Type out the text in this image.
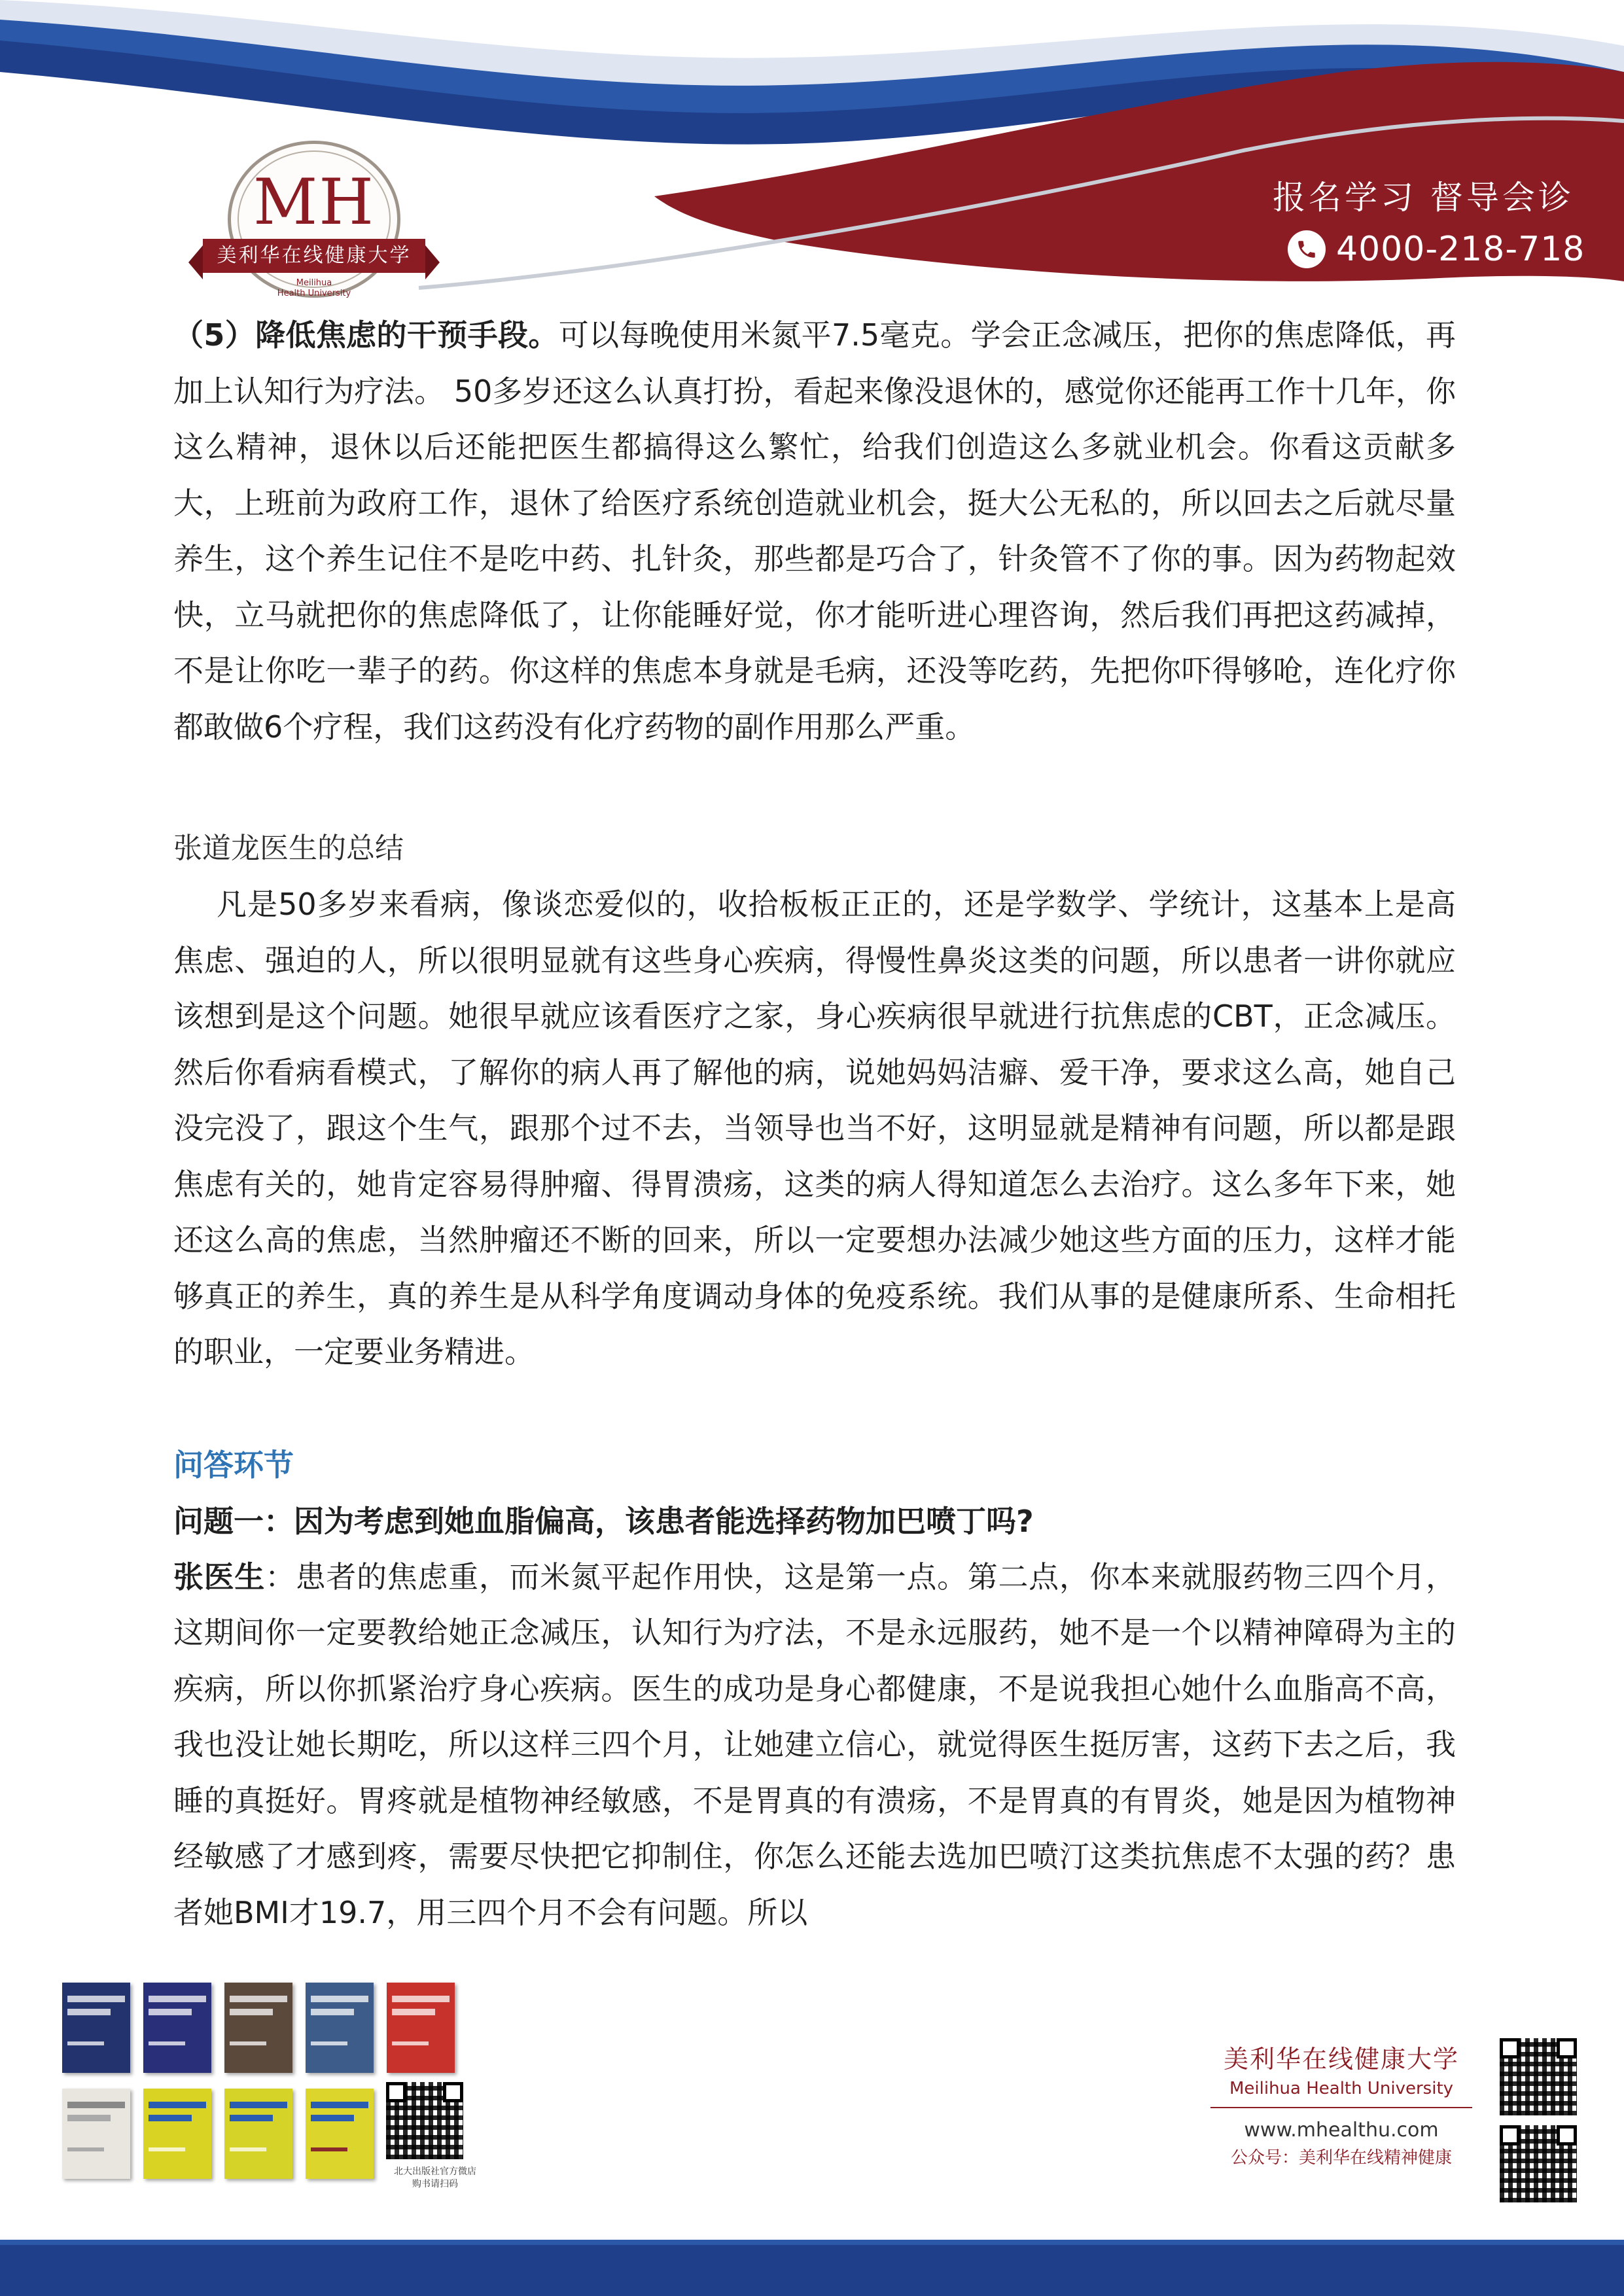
MH
美利华在线健康大学
Meilihua
Health University
报名学习 督导会诊
4000-218-718

（5）降低焦虑的干预手段。可以每晚使用米氮平7.5毫克。学会正念减压，把你的焦虑降低，再加上认知行为疗法。 50多岁还这么认真打扮，看起来像没退休的，感觉你还能再工作十几年，你这么精神，退休以后还能把医生都搞得这么繁忙，给我们创造这么多就业机会。你看这贡献多大，上班前为政府工作，退休了给医疗系统创造就业机会，挺大公无私的，所以回去之后就尽量养生，这个养生记住不是吃中药、扎针灸，那些都是巧合了，针灸管不了你的事。因为药物起效快，立马就把你的焦虑降低了，让你能睡好觉，你才能听进心理咨询，然后我们再把这药减掉，不是让你吃一辈子的药。你这样的焦虑本身就是毛病，还没等吃药，先把你吓得够呛，连化疗你都敢做6个疗程，我们这药没有化疗药物的副作用那么严重。

张道龙医生的总结

凡是50多岁来看病，像谈恋爱似的，收拾板板正正的，还是学数学、学统计，这基本上是高焦虑、强迫的人，所以很明显就有这些身心疾病，得慢性鼻炎这类的问题，所以患者一讲你就应该想到是这个问题。她很早就应该看医疗之家，身心疾病很早就进行抗焦虑的CBT，正念减压。然后你看病看模式，了解你的病人再了解他的病，说她妈妈洁癖、爱干净，要求这么高，她自己没完没了，跟这个生气，跟那个过不去，当领导也当不好，这明显就是精神有问题，所以都是跟焦虑有关的，她肯定容易得肿瘤、得胃溃疡，这类的病人得知道怎么去治疗。这么多年下来，她还这么高的焦虑，当然肿瘤还不断的回来，所以一定要想办法减少她这些方面的压力，这样才能够真正的养生，真的养生是从科学角度调动身体的免疫系统。我们从事的是健康所系、生命相托的职业，一定要业务精进。

问答环节

问题一：因为考虑到她血脂偏高，该患者能选择药物加巴喷丁吗?

张医生：患者的焦虑重，而米氮平起作用快，这是第一点。第二点，你本来就服药物三四个月，这期间你一定要教给她正念减压，认知行为疗法，不是永远服药，她不是一个以精神障碍为主的疾病，所以你抓紧治疗身心疾病。医生的成功是身心都健康，不是说我担心她什么血脂高不高，我也没让她长期吃，所以这样三四个月，让她建立信心，就觉得医生挺厉害，这药下去之后，我睡的真挺好。胃疼就是植物神经敏感，不是胃真的有溃疡，不是胃真的有胃炎，她是因为植物神经敏感了才感到疼，需要尽快把它抑制住，你怎么还能去选加巴喷汀这类抗焦虑不太强的药？患者她BMI才19.7，用三四个月不会有问题。所以

北大出版社官方微店
购书请扫码
美利华在线健康大学
Meilihua Health University
www.mhealthu.com
公众号：美利华在线精神健康
